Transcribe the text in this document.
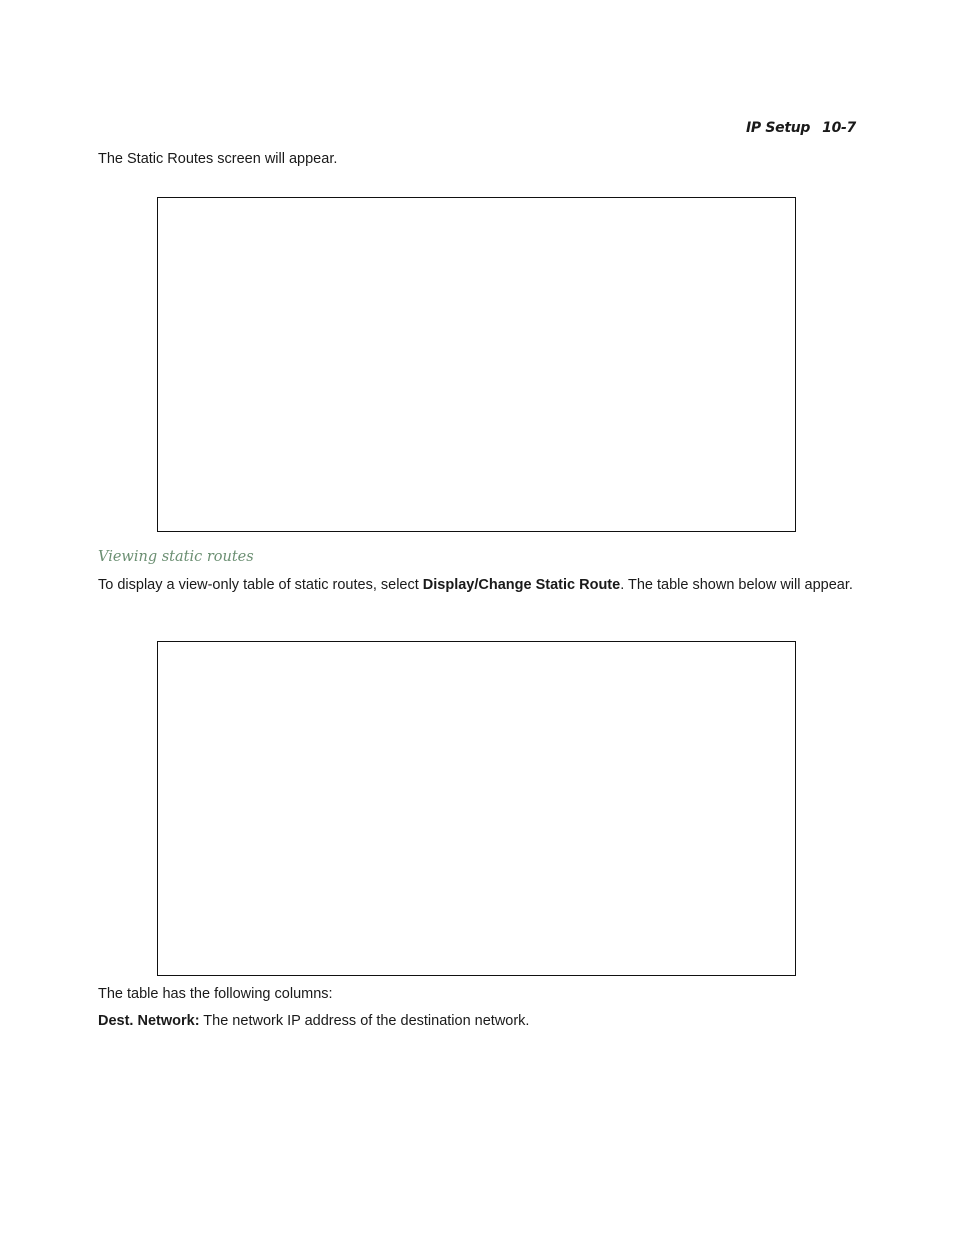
IP Setup 10-7
The Static Routes screen will appear.
Viewing static routes
To display a view-only table of static routes, select Display/Change Static Route. The table shown below will appear.
The table has the following columns:
Dest. Network: The network IP address of the destination network.
